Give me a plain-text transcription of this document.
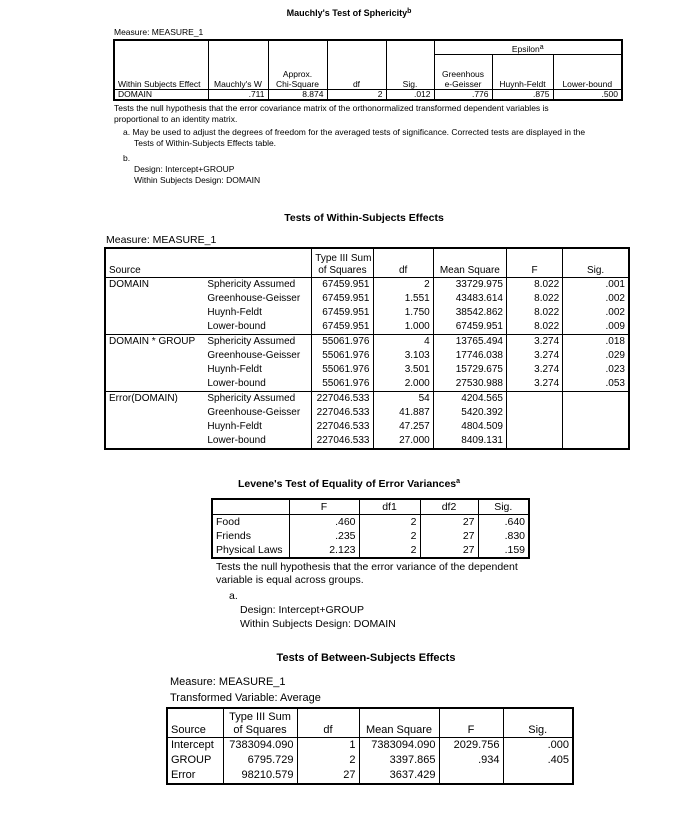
Mauchly's Test of Sphericity$^b$
Measure: MEASURE_1
Within Subjects Effect	Mauchly's W	Approx.
Chi-Square	df	Sig.	Epsilon$^a$
					Greenhous
e-Geisser	Huynh-Feldt	Lower-bound
DOMAIN	.711	8.874	2	.012	.776	.875	.500
Tests the null hypothesis that the error covariance matrix of the orthonormalized transformed dependent variables is
proportional to an identity matrix.
a. May be used to adjust the degrees of freedom for the averaged tests of significance. Corrected tests are displayed in the
Tests of Within-Subjects Effects table.
b.
Design: Intercept+GROUP
Within Subjects Design: DOMAIN
Tests of Within-Subjects Effects
Measure: MEASURE_1
Source		Type III Sum
of Squares	df	Mean Square	F	Sig.
DOMAIN	Sphericity Assumed	67459.951	2	33729.975	8.022	.001
	Greenhouse-Geisser	67459.951	1.551	43483.614	8.022	.002
	Huynh-Feldt	67459.951	1.750	38542.862	8.022	.002
	Lower-bound	67459.951	1.000	67459.951	8.022	.009
DOMAIN * GROUP	Sphericity Assumed	55061.976	4	13765.494	3.274	.018
	Greenhouse-Geisser	55061.976	3.103	17746.038	3.274	.029
	Huynh-Feldt	55061.976	3.501	15729.675	3.274	.023
	Lower-bound	55061.976	2.000	27530.988	3.274	.053
Error(DOMAIN)	Sphericity Assumed	227046.533	54	4204.565		
	Greenhouse-Geisser	227046.533	41.887	5420.392		
	Huynh-Feldt	227046.533	47.257	4804.509		
	Lower-bound	227046.533	27.000	8409.131		
Levene's Test of Equality of Error Variances$^a$
	F	df1	df2	Sig.
Food	.460	2	27	.640
Friends	.235	2	27	.830
Physical Laws	2.123	2	27	.159
Tests the null hypothesis that the error variance of the dependent
variable is equal across groups.
a.
Design: Intercept+GROUP
Within Subjects Design: DOMAIN
Tests of Between-Subjects Effects
Measure: MEASURE_1
Transformed Variable: Average
Source	Type III Sum
of Squares	df	Mean Square	F	Sig.
Intercept	7383094.090	1	7383094.090	2029.756	.000
GROUP	6795.729	2	3397.865	.934	.405
Error	98210.579	27	3637.429		
